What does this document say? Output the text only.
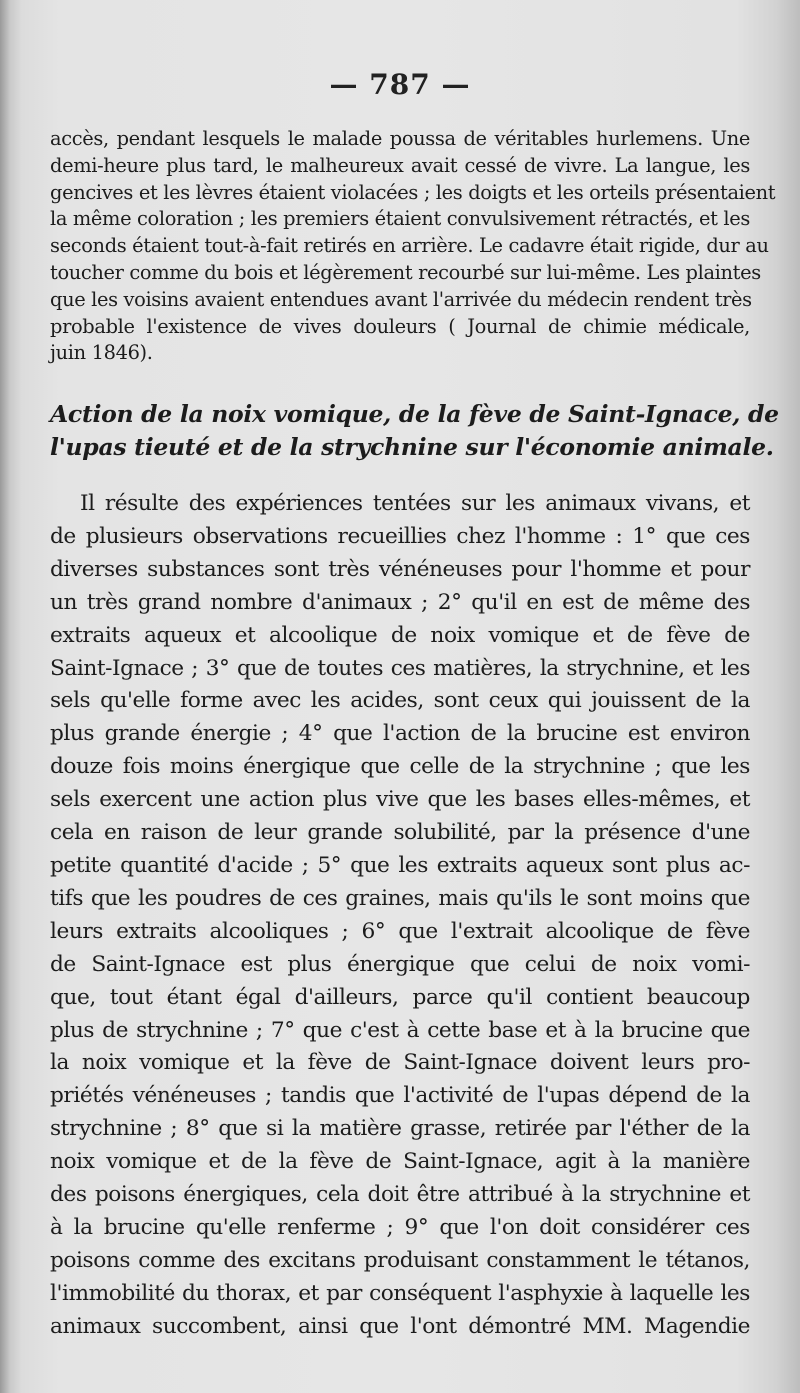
— 787 —
accès, pendant lesquels le malade poussa de véritables hurlemens. Une
demi-heure plus tard, le malheureux avait cessé de vivre. La langue, les
gencives et les lèvres étaient violacées ; les doigts et les orteils présentaient
la même coloration ; les premiers étaient convulsivement rétractés, et les
seconds étaient tout-à-fait retirés en arrière. Le cadavre était rigide, dur au
toucher comme du bois et légèrement recourbé sur lui-même. Les plaintes
que les voisins avaient entendues avant l'arrivée du médecin rendent très
probable l'existence de vives douleurs ( Journal de chimie médicale,
juin 1846).
Action de la noix vomique, de la fève de Saint-Ignace, de
l'upas tieuté et de la strychnine sur l'économie animale.
Il résulte des expériences tentées sur les animaux vivans, et
de plusieurs observations recueillies chez l'homme : 1° que ces
diverses substances sont très vénéneuses pour l'homme et pour
un très grand nombre d'animaux ; 2° qu'il en est de même des
extraits aqueux et alcoolique de noix vomique et de fève de
Saint-Ignace ; 3° que de toutes ces matières, la strychnine, et les
sels qu'elle forme avec les acides, sont ceux qui jouissent de la
plus grande énergie ; 4° que l'action de la brucine est environ
douze fois moins énergique que celle de la strychnine ; que les
sels exercent une action plus vive que les bases elles-mêmes, et
cela en raison de leur grande solubilité, par la présence d'une
petite quantité d'acide ; 5° que les extraits aqueux sont plus ac-
tifs que les poudres de ces graines, mais qu'ils le sont moins que
leurs extraits alcooliques ; 6° que l'extrait alcoolique de fève
de Saint-Ignace est plus énergique que celui de noix vomi-
que, tout étant égal d'ailleurs, parce qu'il contient beaucoup
plus de strychnine ; 7° que c'est à cette base et à la brucine que
la noix vomique et la fève de Saint-Ignace doivent leurs pro-
priétés vénéneuses ; tandis que l'activité de l'upas dépend de la
strychnine ; 8° que si la matière grasse, retirée par l'éther de la
noix vomique et de la fève de Saint-Ignace, agit à la manière
des poisons énergiques, cela doit être attribué à la strychnine et
à la brucine qu'elle renferme ; 9° que l'on doit considérer ces
poisons comme des excitans produisant constamment le tétanos,
l'immobilité du thorax, et par conséquent l'asphyxie à laquelle les
animaux succombent, ainsi que l'ont démontré MM. Magendie
